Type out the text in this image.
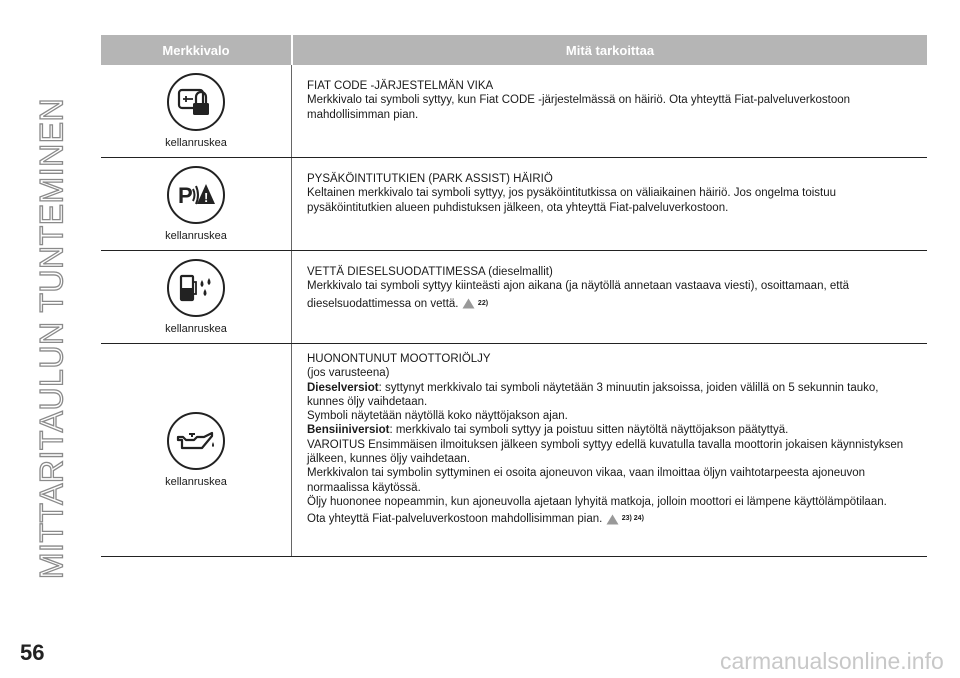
MITTARITAULUN TUNTEMINEN
Merkkivalo	Mitä tarkoittaa
kellanruskea
FIAT CODE -JÄRJESTELMÄN VIKA
Merkkivalo tai symboli syttyy, kun Fiat CODE -järjestelmässä on häiriö. Ota yhteyttä Fiat-palveluverkostoon mahdollisimman pian.
P !
kellanruskea
PYSÄKÖINTITUTKIEN (PARK ASSIST) HÄIRIÖ
Keltainen merkkivalo tai symboli syttyy, jos pysäköintitutkissa on väliaikainen häiriö. Jos ongelma toistuu pysäköintitutkien alueen puhdistuksen jälkeen, ota yhteyttä Fiat-palveluverkostoon.
kellanruskea
VETTÄ DIESELSUODATTIMESSA (dieselmallit)
Merkkivalo tai symboli syttyy kiinteästi ajon aikana (ja näytöllä annetaan vastaava viesti), osoittamaan, että
dieselsuodattimessa on vettä.	22)
kellanruskea
HUONONTUNUT MOOTTORIÖLJY
(jos varusteena)
Dieselversiot: syttynyt merkkivalo tai symboli näytetään 3 minuutin jaksoissa, joiden välillä on 5 sekunnin tauko, kunnes öljy vaihdetaan.
Symboli näytetään näytöllä koko näyttöjakson ajan.
Bensiiniversiot: merkkivalo tai symboli syttyy ja poistuu sitten näytöltä näyttöjakson päätyttyä.
VAROITUS Ensimmäisen ilmoituksen jälkeen symboli syttyy edellä kuvatulla tavalla moottorin jokaisen käynnistyksen jälkeen, kunnes öljy vaihdetaan.
Merkkivalon tai symbolin syttyminen ei osoita ajoneuvon vikaa, vaan ilmoittaa öljyn vaihtotarpeesta ajoneuvon normaalissa käytössä.
Öljy huononee nopeammin, kun ajoneuvolla ajetaan lyhyitä matkoja, jolloin moottori ei lämpene käyttölämpötilaan.
Ota yhteyttä Fiat-palveluverkostoon mahdollisimman pian.	23) 24)
56	carmanualsonline.info
